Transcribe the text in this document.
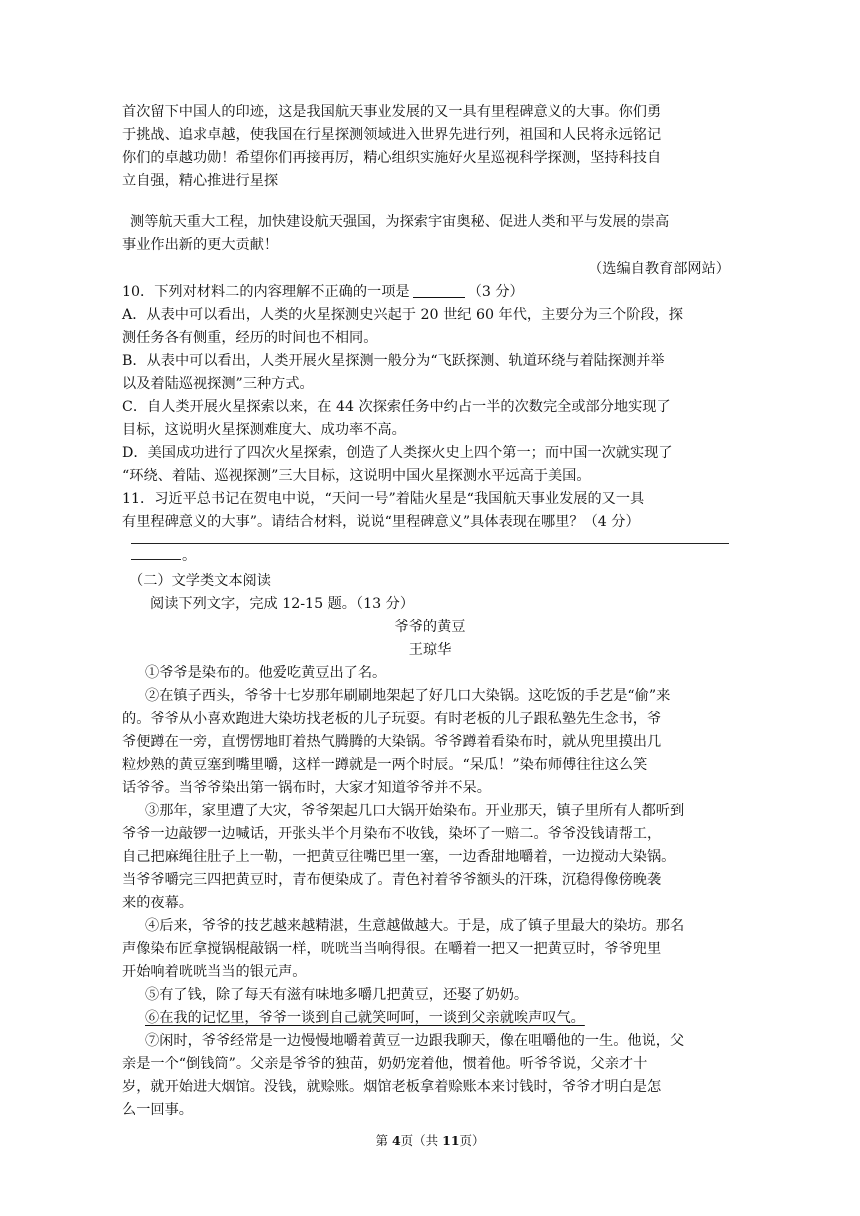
首次留下中国人的印迹，这是我国航天事业发展的又一具有里程碑意义的大事。你们勇

于挑战、追求卓越，使我国在行星探测领域进入世界先进行列，祖国和人民将永远铭记

你们的卓越功勋！希望你们再接再厉，精心组织实施好火星巡视科学探测，坚持科技自

立自强，精心推进行星探

测等航天重大工程，加快建设航天强国，为探索宇宙奥秘、促进人类和平与发展的崇高

事业作出新的更大贡献！

（选编自教育部网站）

10．下列对材料二的内容理解不正确的一项是	（3 分）

A．从表中可以看出，人类的火星探测史兴起于 20 世纪 60 年代，主要分为三个阶段，探

测任务各有侧重，经历的时间也不相同。

B．从表中可以看出，人类开展火星探测一般分为“飞跃探测、轨道环绕与着陆探测并举

以及着陆巡视探测”三种方式。

C．自人类开展火星探索以来，在 44 次探索任务中约占一半的次数完全或部分地实现了

目标，这说明火星探测难度大、成功率不高。

D．美国成功进行了四次火星探索，创造了人类探火史上四个第一；而中国一次就实现了

“环绕、着陆、巡视探测”三大目标，这说明中国火星探测水平远高于美国。

11．习近平总书记在贺电中说，“天问一号”着陆火星是“我国航天事业发展的又一具

有里程碑意义的大事”。请结合材料，说说“里程碑意义”具体表现在哪里？（4 分）

。

（二）文学类文本阅读

阅读下列文字，完成 12-15 题。（13 分）

爷爷的黄豆
王琼华

①爷爷是染布的。他爱吃黄豆出了名。

②在镇子西头，爷爷十七岁那年刷刷地架起了好几口大染锅。这吃饭的手艺是“偷”来

的。爷爷从小喜欢跑进大染坊找老板的儿子玩耍。有时老板的儿子跟私塾先生念书，爷

爷便蹲在一旁，直愣愣地盯着热气腾腾的大染锅。爷爷蹲着看染布时，就从兜里摸出几

粒炒熟的黄豆塞到嘴里嚼，这样一蹲就是一两个时辰。“呆瓜！”染布师傅往往这么笑

话爷爷。当爷爷染出第一锅布时，大家才知道爷爷并不呆。

③那年，家里遭了大灾，爷爷架起几口大锅开始染布。开业那天，镇子里所有人都听到

爷爷一边敲锣一边喊话，开张头半个月染布不收钱，染坏了一赔二。爷爷没钱请帮工，

自己把麻绳往肚子上一勒，一把黄豆往嘴巴里一塞，一边香甜地嚼着，一边搅动大染锅。

当爷爷嚼完三四把黄豆时，青布便染成了。青色衬着爷爷额头的汗珠，沉稳得像傍晚袭

来的夜幕。

④后来，爷爷的技艺越来越精湛，生意越做越大。于是，成了镇子里最大的染坊。那名

声像染布匠拿搅锅棍敲锅一样，咣咣当当响得很。在嚼着一把又一把黄豆时，爷爷兜里

开始响着咣咣当当的银元声。

⑤有了钱，除了每天有滋有味地多嚼几把黄豆，还娶了奶奶。

⑥在我的记忆里，爷爷一谈到自己就笑呵呵，一谈到父亲就唉声叹气。

⑦闲时，爷爷经常是一边慢慢地嚼着黄豆一边跟我聊天，像在咀嚼他的一生。他说，父

亲是一个“倒钱筒”。父亲是爷爷的独苗，奶奶宠着他，惯着他。听爷爷说，父亲才十

岁，就开始进大烟馆。没钱，就赊账。烟馆老板拿着赊账本来讨钱时，爷爷才明白是怎

么一回事。

第 4页（共 11页）
